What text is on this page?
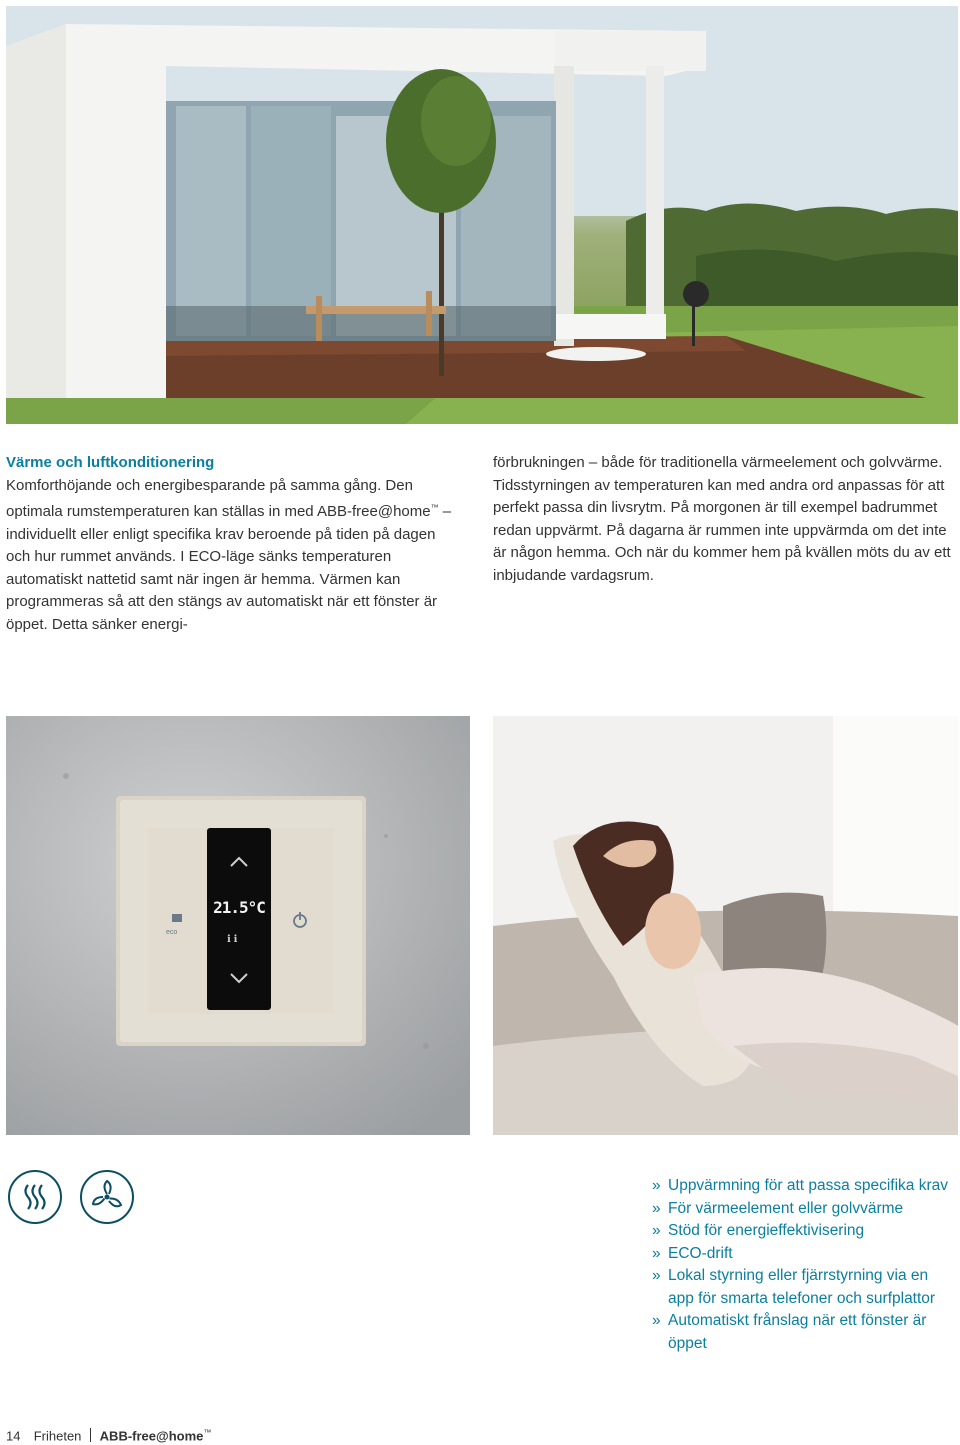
Värme och luftkonditionering

Komforthöjande och energibesparande på samma gång. Den optimala rumstemperaturen kan ställas in med ABB-free@home™ – individuellt eller enligt specifika krav beroende på tiden på dagen och hur rummet används. I ECO-läge sänks temperaturen automatiskt nattetid samt när ingen är hemma. Värmen kan programmeras så att den stängs av automatiskt när ett fönster är öppet. Detta sänker energi-

förbrukningen – både för traditionella värmeelement och golvvärme. Tidsstyrningen av temperaturen kan med andra ord anpassas för att perfekt passa din livsrytm. På morgonen är till exempel badrummet redan uppvärmt. På dagarna är rummen inte uppvärmda om det inte är någon hemma. Och när du kommer hem på kvällen möts du av ett inbjudande vardagsrum.

ℹ ℹ
eco
21.5°C
» Uppvärmning för att passa specifika krav
» För värmeelement eller golvvärme
» Stöd för energieffektivisering
» ECO-drift
» Lokal styrning eller fjärrstyrning via en app för smarta telefoner och surfplattor
» Automatiskt frånslag när ett fönster är öppet
14 Friheten ABB-free@home™
